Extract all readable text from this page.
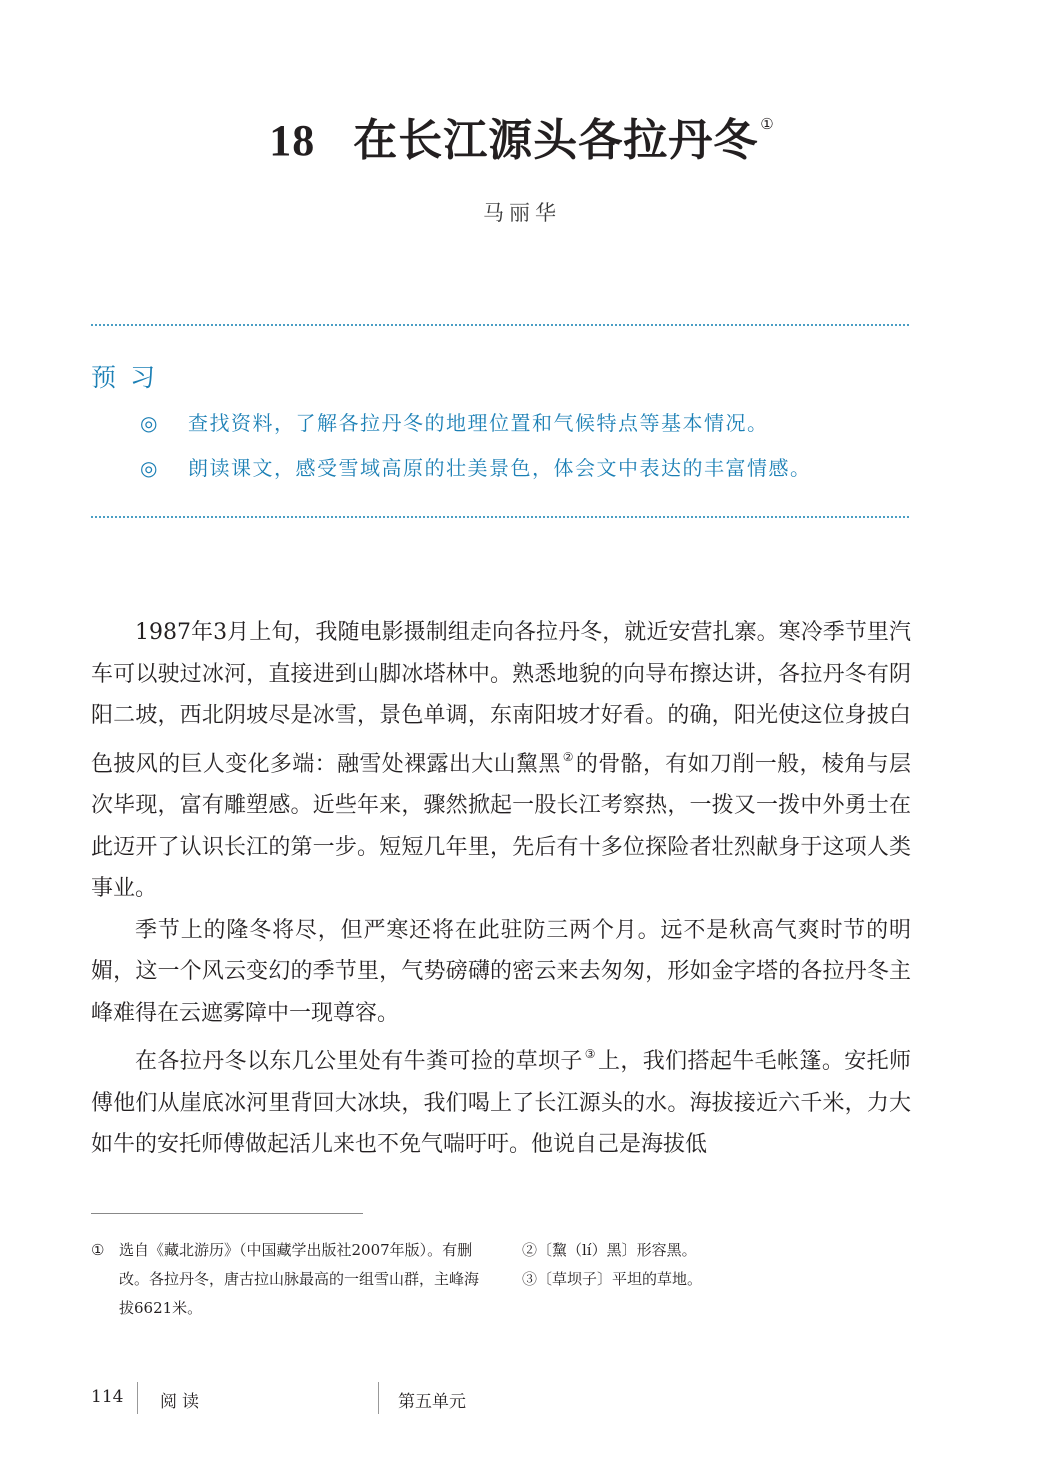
18 在长江源头各拉丹冬 ①
马丽华
预习
◎ 查找资料，了解各拉丹冬的地理位置和气候特点等基本情况。
◎ 朗读课文，感受雪域高原的壮美景色，体会文中表达的丰富情感。

1987年3月上旬，我随电影摄制组走向各拉丹冬，就近安营扎寨。寒冷季节里汽车可以驶过冰河，直接进到山脚冰塔林中。熟悉地貌的向导布擦达讲，各拉丹冬有阴阳二坡，西北阴坡尽是冰雪，景色单调，东南阳坡才好看。的确，阳光使这位身披白色披风的巨人变化多端：融雪处裸露出大山黧黑 ②的骨骼，有如刀削一般，棱角与层次毕现，富有雕塑感。近些年来，骤然掀起一股长江考察热，一拨又一拨中外勇士在此迈开了认识长江的第一步。短短几年里，先后有十多位探险者壮烈献身于这项人类事业。

季节上的隆冬将尽，但严寒还将在此驻防三两个月。远不是秋高气爽时节的明媚，这一个风云变幻的季节里，气势磅礴的密云来去匆匆，形如金字塔的各拉丹冬主峰难得在云遮雾障中一现尊容。

在各拉丹冬以东几公里处有牛粪可捡的草坝子 ③上，我们搭起牛毛帐篷。安托师傅他们从崖底冰河里背回大冰块，我们喝上了长江源头的水。海拔接近六千米，力大如牛的安托师傅做起活儿来也不免气喘吁吁。他说自己是海拔低

① 选自《藏北游历》（中国藏学出版社2007年版）。有删改。各拉丹冬，唐古拉山脉最高的一组雪山群，主峰海拔6621米。
②〔黧（lí）黑〕形容黑。
③〔草坝子〕平坦的草地。
114 阅读	第五单元
